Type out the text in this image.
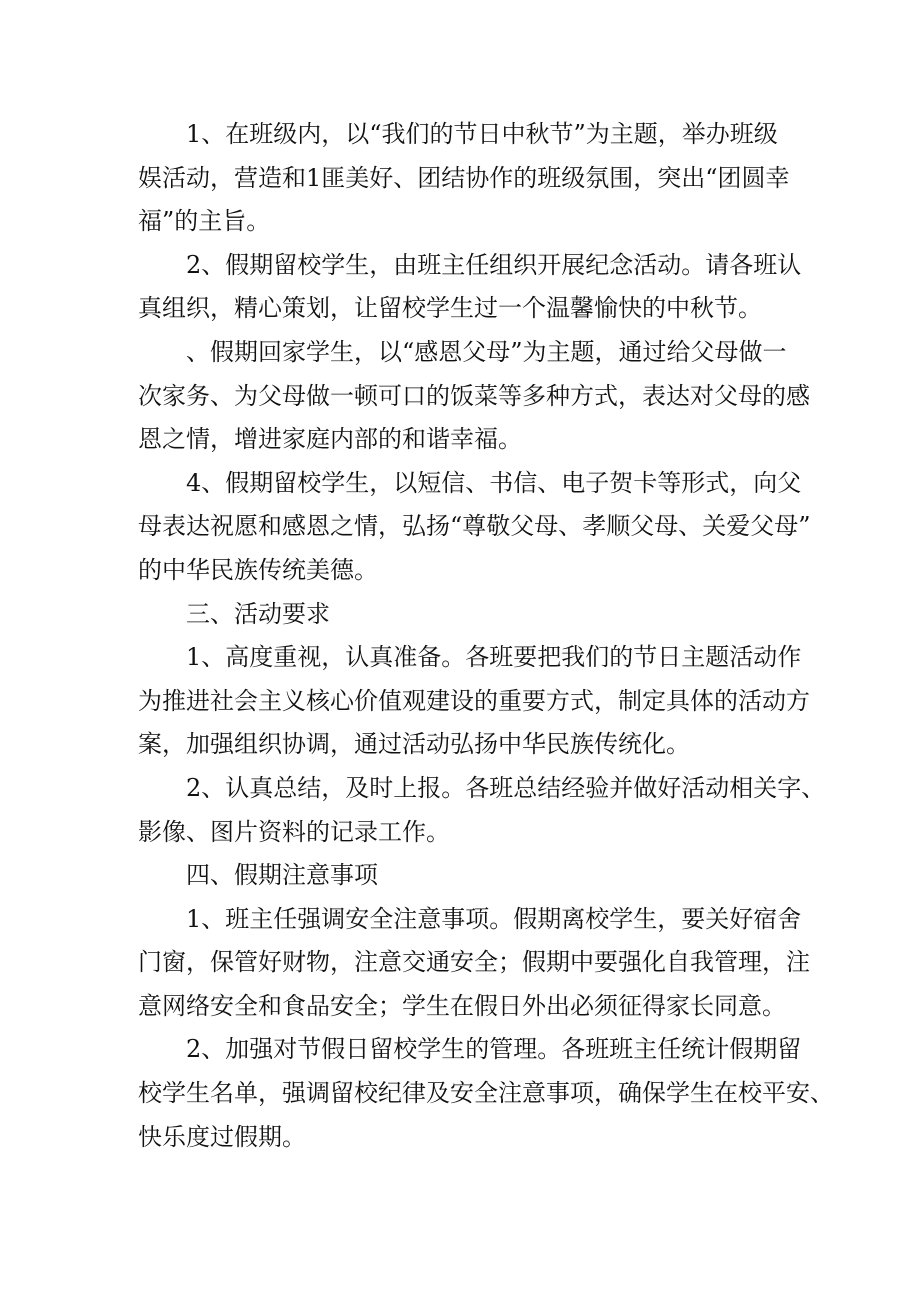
1、在班级内，以“我们的节日中秋节”为主题，举办班级
娱活动，营造和1匪美好、团结协作的班级氛围，突出“团圆幸
福”的主旨。

2、假期留校学生，由班主任组织开展纪念活动。请各班认
真组织，精心策划，让留校学生过一个温馨愉快的中秋节。

、假期回家学生，以“感恩父母”为主题，通过给父母做一
次家务、为父母做一顿可口的饭菜等多种方式，表达对父母的感
恩之情，增进家庭内部的和谐幸福。

4、假期留校学生，以短信、书信、电子贺卡等形式，向父
母表达祝愿和感恩之情，弘扬“尊敬父母、孝顺父母、关爱父母”
的中华民族传统美德。

三、活动要求

1、高度重视，认真准备。各班要把我们的节日主题活动作
为推进社会主义核心价值观建设的重要方式，制定具体的活动方
案，加强组织协调，通过活动弘扬中华民族传统化。

2、认真总结，及时上报。各班总结经验并做好活动相关字、
影像、图片资料的记录工作。

四、假期注意事项

1、班主任强调安全注意事项。假期离校学生，要关好宿舍
门窗，保管好财物，注意交通安全；假期中要强化自我管理，注
意网络安全和食品安全；学生在假日外出必须征得家长同意。

2、加强对节假日留校学生的管理。各班班主任统计假期留
校学生名单，强调留校纪律及安全注意事项，确保学生在校平安、
快乐度过假期。
